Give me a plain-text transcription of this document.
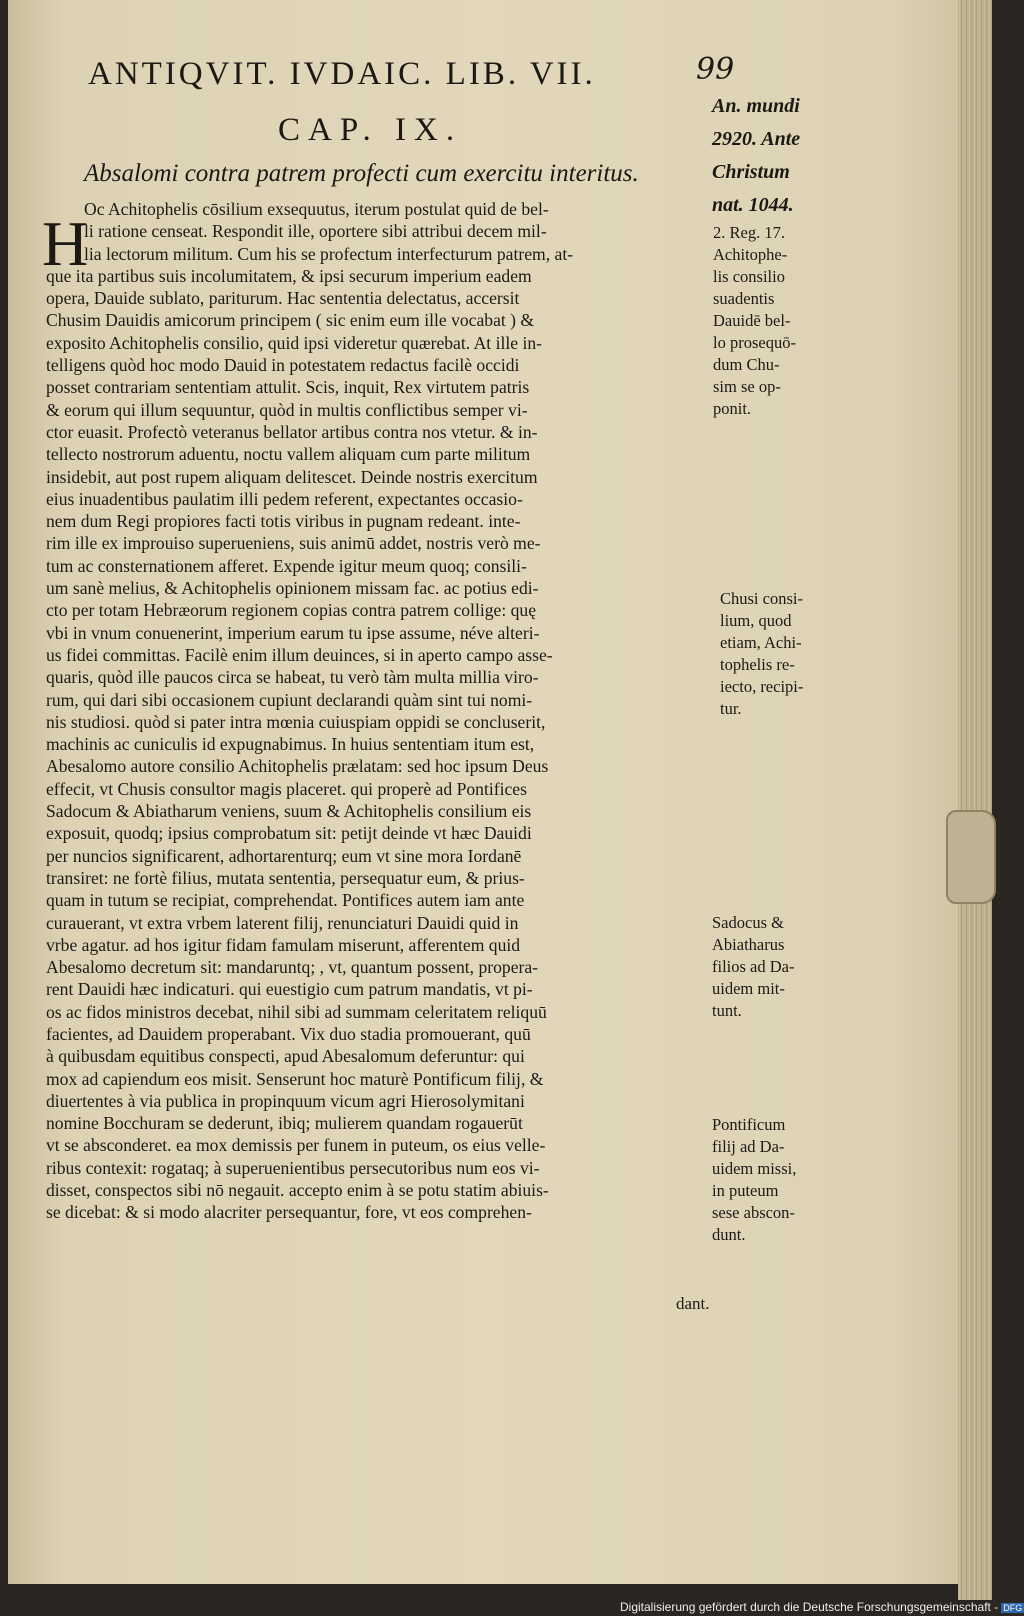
ANTIQVIT. IVDAIC. LIB. VII.	99
CAP. IX.
Absalomi contra patrem profecti cum exercitu interitus.
An. mundi
2920. Ante
Christum
nat. 1044.
H
Oc Achitophelis cōsilium exsequutus, iterum postulat quid de bel-
li ratione censeat. Respondit ille, oportere sibi attribui decem mil-
lia lectorum militum. Cum his se profectum interfecturum patrem, at-
que ita partibus suis incolumitatem, & ipsi securum imperium eadem
opera, Dauide sublato, pariturum. Hac sententia delectatus, accersit
Chusim Dauidis amicorum principem ( sic enim eum ille vocabat ) &
exposito Achitophelis consilio, quid ipsi videretur quærebat. At ille in-
telligens quòd hoc modo Dauid in potestatem redactus facilè occidi
posset contrariam sententiam attulit. Scis, inquit, Rex virtutem patris
& eorum qui illum sequuntur, quòd in multis conflictibus semper vi-
ctor euasit. Profectò veteranus bellator artibus contra nos vtetur. & in-
tellecto nostrorum aduentu, noctu vallem aliquam cum parte militum
insidebit, aut post rupem aliquam delitescet. Deinde nostris exercitum
eius inuadentibus paulatim illi pedem referent, expectantes occasio-
nem dum Regi propiores facti totis viribus in pugnam redeant. inte-
rim ille ex improuiso superueniens, suis animū addet, nostris verò me-
tum ac consternationem afferet. Expende igitur meum quoq; consili-
um sanè melius, & Achitophelis opinionem missam fac. ac potius edi-
cto per totam Hebræorum regionem copias contra patrem collige: quę
vbi in vnum conuenerint, imperium earum tu ipse assume, néve alteri-
us fidei committas. Facilè enim illum deuinces, si in aperto campo asse-
quaris, quòd ille paucos circa se habeat, tu verò tàm multa millia viro-
rum, qui dari sibi occasionem cupiunt declarandi quàm sint tui nomi-
nis studiosi. quòd si pater intra mœnia cuiuspiam oppidi se concluserit,
machinis ac cuniculis id expugnabimus. In huius sententiam itum est,
Abesalomo autore consilio Achitophelis prælatam: sed hoc ipsum Deus
effecit, vt Chusis consultor magis placeret. qui properè ad Pontifices
Sadocum & Abiatharum veniens, suum & Achitophelis consilium eis
exposuit, quodq; ipsius comprobatum sit: petijt deinde vt hæc Dauidi
per nuncios significarent, adhortarenturq; eum vt sine mora Iordanē
transiret: ne fortè filius, mutata sententia, persequatur eum, & prius-
quam in tutum se recipiat, comprehendat. Pontifices autem iam ante
curauerant, vt extra vrbem laterent filij, renunciaturi Dauidi quid in
vrbe agatur. ad hos igitur fidam famulam miserunt, afferentem quid
Abesalomo decretum sit: mandaruntq; , vt, quantum possent, propera-
rent Dauidi hæc indicaturi. qui euestigio cum patrum mandatis, vt pi-
os ac fidos ministros decebat, nihil sibi ad summam celeritatem reliquū
facientes, ad Dauidem properabant. Vix duo stadia promouerant, quū
à quibusdam equitibus conspecti, apud Abesalomum deferuntur: qui
mox ad capiendum eos misit. Senserunt hoc maturè Pontificum filij, &
diuertentes à via publica in propinquum vicum agri Hierosolymitani
nomine Bocchuram se dederunt, ibiq; mulierem quandam rogauerūt
vt se absconderet. ea mox demissis per funem in puteum, os eius velle-
ribus contexit: rogataq; à superuenientibus persecutoribus num eos vi-
disset, conspectos sibi nō negauit. accepto enim à se potu statim abiuis-
se dicebat: & si modo alacriter persequantur, fore, vt eos comprehen-
2. Reg. 17.
Achitophe-
lis consilio
suadentis
Dauidē bel-
lo prosequō-
dum Chu-
sim se op-
ponit.
Chusi consi-
lium, quod
etiam, Achi-
tophelis re-
iecto, recipi-
tur.
Sadocus &
Abiatharus
filios ad Da-
uidem mit-
tunt.
Pontificum
filij ad Da-
uidem missi,
in puteum
sese abscon-
dunt.
dant.
Digitalisierung gefördert durch die Deutsche Forschungsgemeinschaft - DFG
